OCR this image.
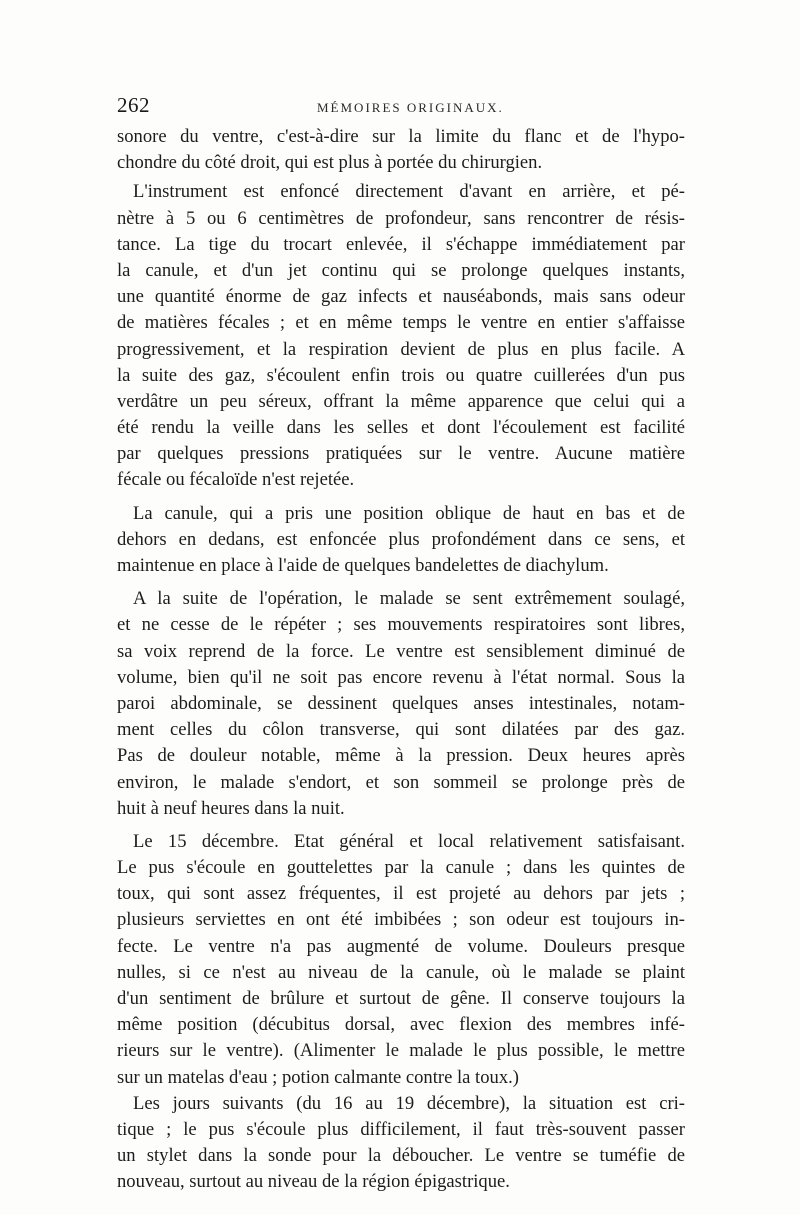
262	MÉMOIRES ORIGINAUX.
sonore du ventre, c'est-à-dire sur la limite du flanc et de l'hypo-
chondre du côté droit, qui est plus à portée du chirurgien.
L'instrument est enfoncé directement d'avant en arrière, et pé-
nètre à 5 ou 6 centimètres de profondeur, sans rencontrer de résis-
tance. La tige du trocart enlevée, il s'échappe immédiatement par
la canule, et d'un jet continu qui se prolonge quelques instants,
une quantité énorme de gaz infects et nauséabonds, mais sans odeur
de matières fécales ; et en même temps le ventre en entier s'affaisse
progressivement, et la respiration devient de plus en plus facile. A
la suite des gaz, s'écoulent enfin trois ou quatre cuillerées d'un pus
verdâtre un peu séreux, offrant la même apparence que celui qui a
été rendu la veille dans les selles et dont l'écoulement est facilité
par quelques pressions pratiquées sur le ventre. Aucune matière
fécale ou fécaloïde n'est rejetée.
La canule, qui a pris une position oblique de haut en bas et de
dehors en dedans, est enfoncée plus profondément dans ce sens, et
maintenue en place à l'aide de quelques bandelettes de diachylum.
A la suite de l'opération, le malade se sent extrêmement soulagé,
et ne cesse de le répéter ; ses mouvements respiratoires sont libres,
sa voix reprend de la force. Le ventre est sensiblement diminué de
volume, bien qu'il ne soit pas encore revenu à l'état normal. Sous la
paroi abdominale, se dessinent quelques anses intestinales, notam-
ment celles du côlon transverse, qui sont dilatées par des gaz.
Pas de douleur notable, même à la pression. Deux heures après
environ, le malade s'endort, et son sommeil se prolonge près de
huit à neuf heures dans la nuit.
Le 15 décembre. Etat général et local relativement satisfaisant.
Le pus s'écoule en gouttelettes par la canule ; dans les quintes de
toux, qui sont assez fréquentes, il est projeté au dehors par jets ;
plusieurs serviettes en ont été imbibées ; son odeur est toujours in-
fecte. Le ventre n'a pas augmenté de volume. Douleurs presque
nulles, si ce n'est au niveau de la canule, où le malade se plaint
d'un sentiment de brûlure et surtout de gêne. Il conserve toujours la
même position (décubitus dorsal, avec flexion des membres infé-
rieurs sur le ventre). (Alimenter le malade le plus possible, le mettre
sur un matelas d'eau ; potion calmante contre la toux.)
Les jours suivants (du 16 au 19 décembre), la situation est cri-
tique ; le pus s'écoule plus difficilement, il faut très-souvent passer
un stylet dans la sonde pour la déboucher. Le ventre se tuméfie de
nouveau, surtout au niveau de la région épigastrique.
